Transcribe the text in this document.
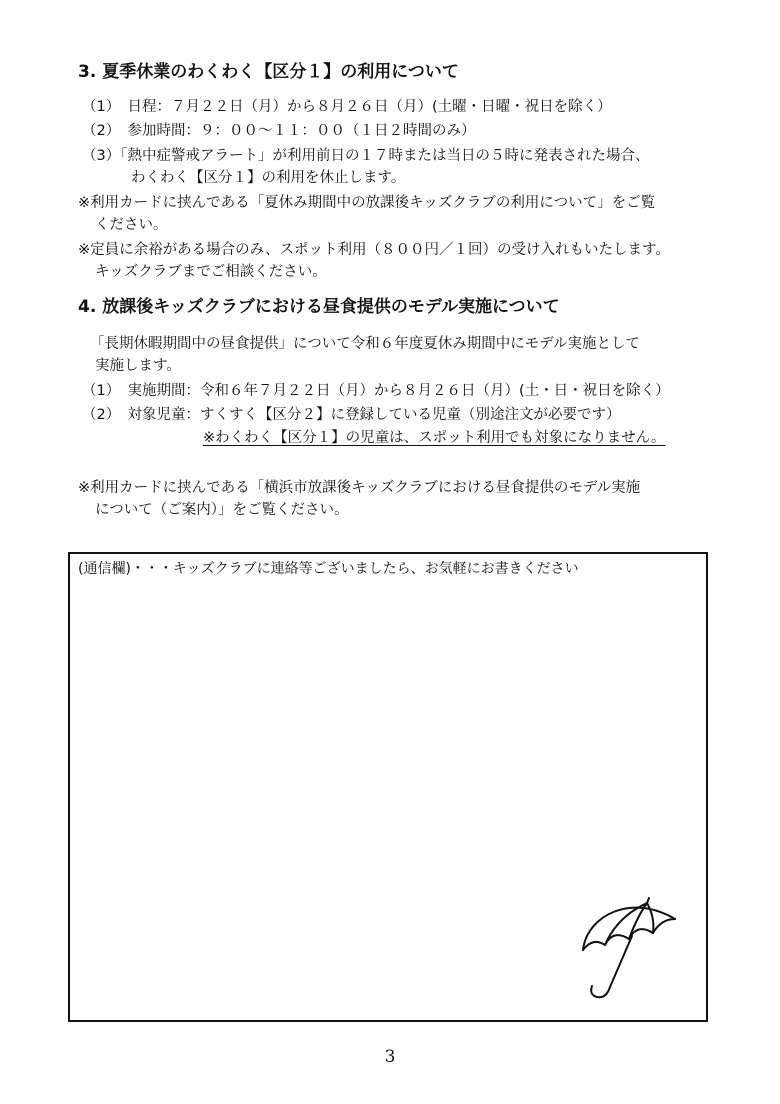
3. 夏季休業のわくわく【区分１】の利用について
（1）　日程：７月２２日（月）から８月２６日（月）(土曜・日曜・祝日を除く）
（2）　参加時間：９：００〜１１：００（１日２時間のみ）
（3）「熱中症警戒アラート」が利用前日の１７時または当日の５時に発表された場合、
わくわく【区分１】の利用を休止します。
※利用カードに挟んである「夏休み期間中の放課後キッズクラブの利用について」をご覧
ください。
※定員に余裕がある場合のみ、スポット利用（８００円／１回）の受け入れもいたします。
キッズクラブまでご相談ください。
4. 放課後キッズクラブにおける昼食提供のモデル実施について
「長期休暇期間中の昼食提供」について令和６年度夏休み期間中にモデル実施として
実施します。
（1）　実施期間：令和６年７月２２日（月）から８月２６日（月）(土・日・祝日を除く）
（2）　対象児童：すくすく【区分２】に登録している児童（別途注文が必要です）
※わくわく【区分１】の児童は、スポット利用でも対象になりません。
※利用カードに挟んである「横浜市放課後キッズクラブにおける昼食提供のモデル実施
について（ご案内）」をご覧ください。
(通信欄)・・・キッズクラブに連絡等ございましたら、お気軽にお書きください
3
